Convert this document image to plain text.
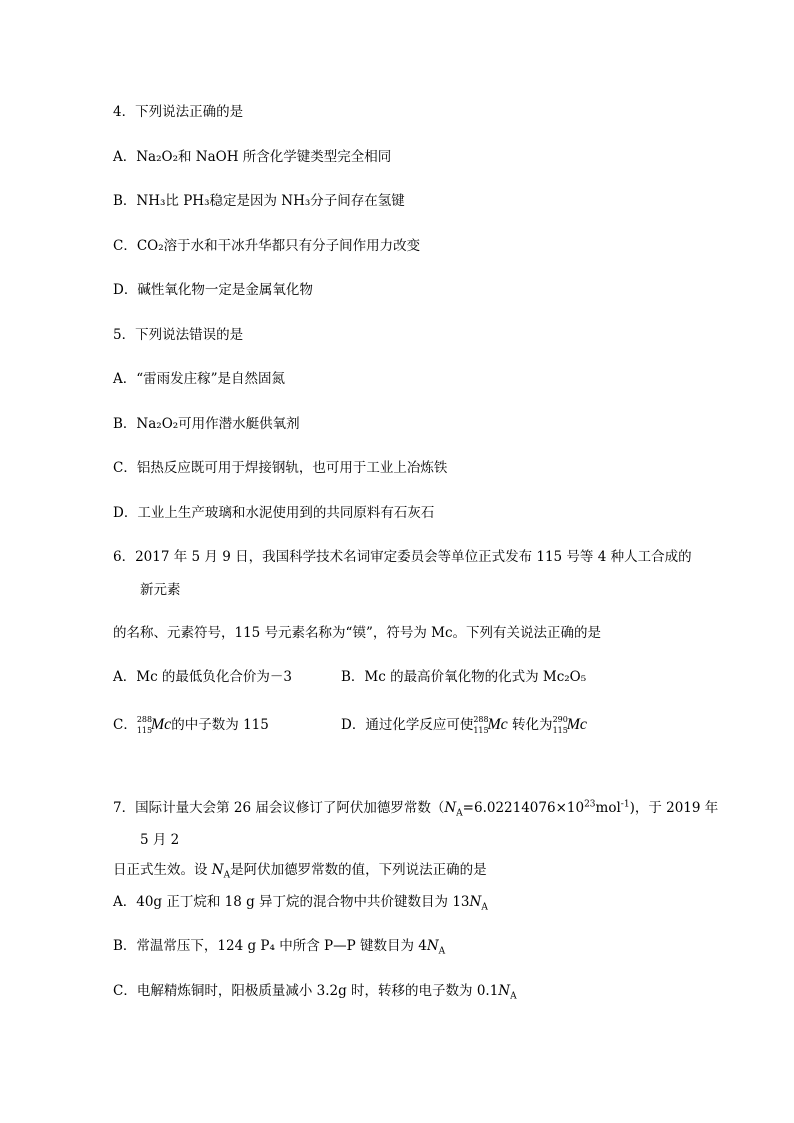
4．下列说法正确的是
A．Na₂O₂和 NaOH 所含化学键类型完全相同
B．NH₃比 PH₃稳定是因为 NH₃分子间存在氢键
C．CO₂溶于水和干冰升华都只有分子间作用力改变
D．碱性氧化物一定是金属氧化物
5．下列说法错误的是
A．“雷雨发庄稼”是自然固氮
B．Na₂O₂可用作潜水艇供氧剂
C．铝热反应既可用于焊接钢轨，也可用于工业上冶炼铁
D．工业上生产玻璃和水泥使用到的共同原料有石灰石
6．2017 年 5 月 9 日，我国科学技术名词审定委员会等单位正式发布 115 号等 4 种人工合成的
新元素
的名称、元素符号，115 号元素名称为“镆”，符号为 Mc。下列有关说法正确的是
A．Mc 的最低负化合价为－3	B．Mc 的最高价氧化物的化式为 Mc₂O₅
C． 288
115
Mc的中子数为 115	D．通过化学反应可使 288
115
Mc 转化为 290
115
Mc
7．国际计量大会第 26 届会议修订了阿伏加德罗常数$(N_A=6.02214076\times 10^{23}mol^{-1})$，于 2019 年
5 月 2
日正式生效。设 $N_A$是阿伏加德罗常数的值，下列说法正确的是
A．40g 正丁烷和 18 g 异丁烷的混合物中共价键数目为 $13N_A$
B．常温常压下，124 g P₄ 中所含 P—P 键数目为 $4N_A$
C．电解精炼铜时，阳极质量减小 3.2g 时，转移的电子数为 $0.1N_A$
